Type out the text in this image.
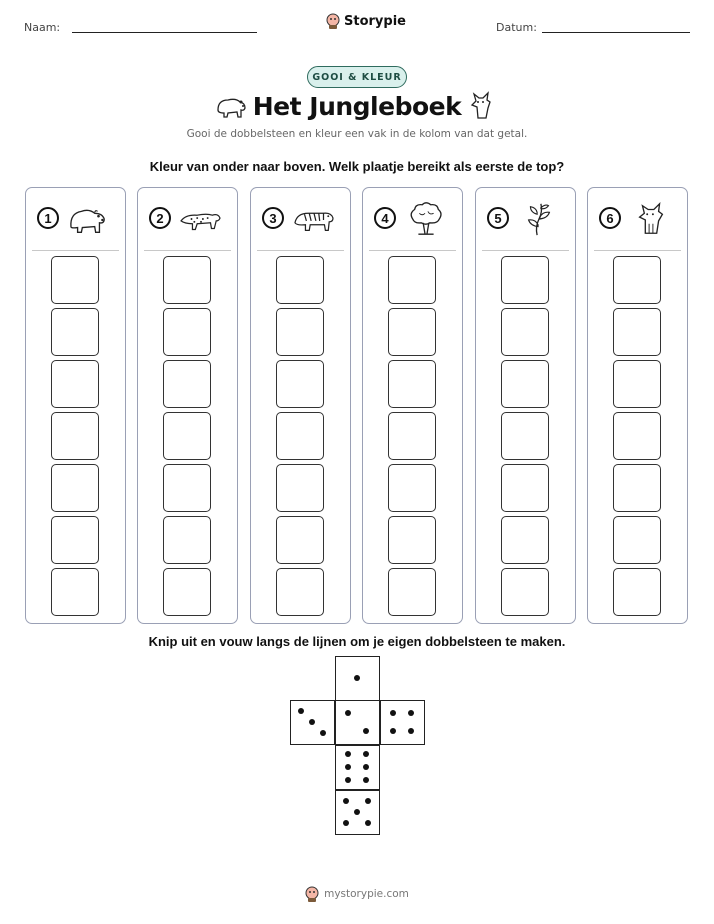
Naam:	Storypie	Datum:
GOOI & KLEUR
Het Jungleboek
Gooi de dobbelsteen en kleur een vak in de kolom van dat getal.
Kleur van onder naar boven. Welk plaatje bereikt als eerste de top?
1	2	3	4	5	6
Knip uit en vouw langs de lijnen om je eigen dobbelsteen te maken.
mystorypie.com
